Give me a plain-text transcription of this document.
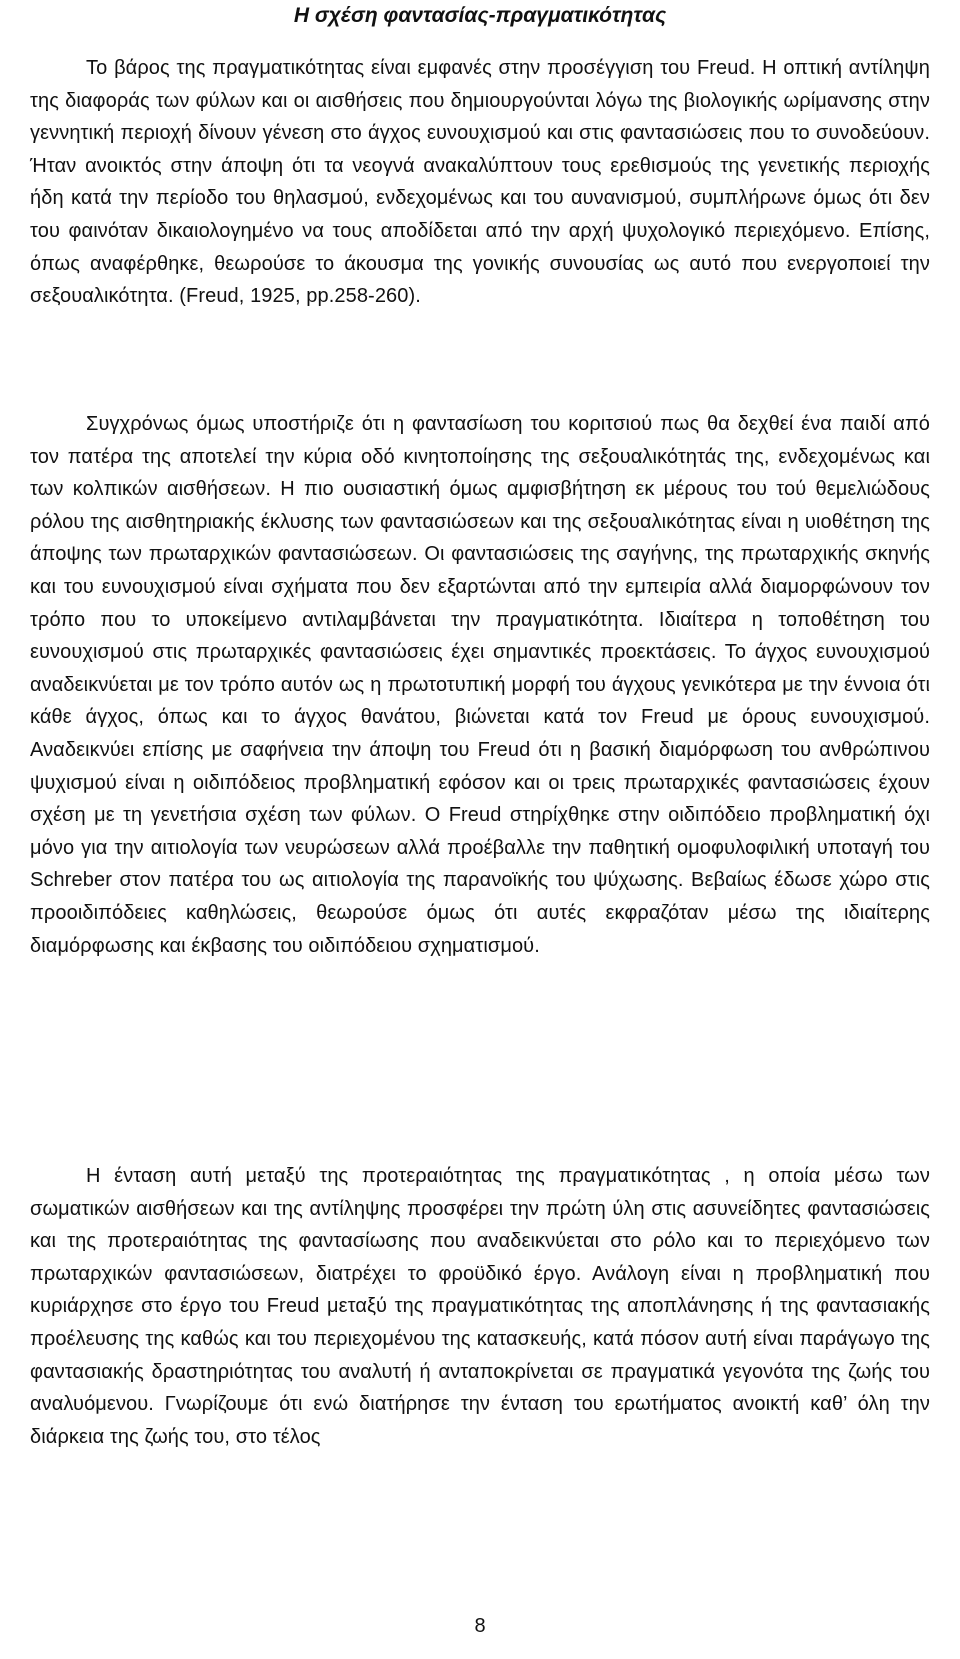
Η σχέση φαντασίας-πραγματικότητας

Το βάρος της πραγματικότητας είναι εμφανές στην προσέγγιση του Freud. Η οπτική αντίληψη της διαφοράς των φύλων και οι αισθήσεις που δημιουργούνται λόγω της βιολογικής ωρίμανσης στην γεννητική περιοχή δίνουν γένεση στο άγχος ευνουχισμού και στις φαντασιώσεις που το συνοδεύουν. Ήταν ανοικτός στην άποψη ότι τα νεογνά ανακαλύπτουν τους ερεθισμούς της γενετικής περιοχής ήδη κατά την περίοδο του θηλασμού, ενδεχομένως και του αυνανισμού, συμπλήρωνε όμως ότι δεν του φαινόταν δικαιολογημένο να τους αποδίδεται από την αρχή ψυχολογικό περιεχόμενο. Επίσης, όπως αναφέρθηκε, θεωρούσε το άκουσμα της γονικής συνουσίας ως αυτό που ενεργοποιεί την σεξουαλικότητα. (Freud, 1925, pp.258-260).

Συγχρόνως όμως υποστήριζε ότι η φαντασίωση του κοριτσιού πως θα δεχθεί ένα παιδί από τον πατέρα της αποτελεί την κύρια οδό κινητοποίησης της σεξουαλικότητάς της, ενδεχομένως και των κολπικών αισθήσεων. Η πιο ουσιαστική όμως αμφισβήτηση εκ μέρους του τού θεμελιώδους ρόλου της αισθητηριακής έκλυσης των φαντασιώσεων και της σεξουαλικότητας είναι η υιοθέτηση της άποψης των πρωταρχικών φαντασιώσεων. Οι φαντασιώσεις της σαγήνης, της πρωταρχικής σκηνής και του ευνουχισμού είναι σχήματα που δεν εξαρτώνται από την εμπειρία αλλά διαμορφώνουν τον τρόπο που το υποκείμενο αντιλαμβάνεται την πραγματικότητα. Ιδιαίτερα η τοποθέτηση του ευνουχισμού στις πρωταρχικές φαντασιώσεις έχει σημαντικές προεκτάσεις. Το άγχος ευνουχισμού αναδεικνύεται με τον τρόπο αυτόν ως η πρωτοτυπική μορφή του άγχους γενικότερα με την έννοια ότι κάθε άγχος, όπως και το άγχος θανάτου, βιώνεται κατά τον Freud με όρους ευνουχισμού. Αναδεικνύει επίσης με σαφήνεια την άποψη του Freud ότι η βασική διαμόρφωση του ανθρώπινου ψυχισμού είναι η οιδιπόδειος προβληματική εφόσον και οι τρεις πρωταρχικές φαντασιώσεις έχουν σχέση με τη γενετήσια σχέση των φύλων. Ο Freud στηρίχθηκε στην οιδιπόδειο προβληματική όχι μόνο για την αιτιολογία των νευρώσεων αλλά προέβαλλε την παθητική ομοφυλοφιλική υποταγή του Schreber στον πατέρα του ως αιτιολογία της παρανοϊκής του ψύχωσης. Βεβαίως έδωσε χώρο στις προοιδιπόδειες καθηλώσεις, θεωρούσε όμως ότι αυτές εκφραζόταν μέσω της ιδιαίτερης διαμόρφωσης και έκβασης του οιδιπόδειου σχηματισμού.

Η ένταση αυτή μεταξύ της προτεραιότητας της πραγματικότητας , η οποία μέσω των σωματικών αισθήσεων και της αντίληψης προσφέρει την πρώτη ύλη στις ασυνείδητες φαντασιώσεις και της προτεραιότητας της φαντασίωσης που αναδεικνύεται στο ρόλο και το περιεχόμενο των πρωταρχικών φαντασιώσεων, διατρέχει το φροϋδικό έργο. Ανάλογη είναι η προβληματική που κυριάρχησε στο έργο του Freud μεταξύ της πραγματικότητας της αποπλάνησης ή της φαντασιακής προέλευσης της καθώς και του περιεχομένου της κατασκευής, κατά πόσον αυτή είναι παράγωγο της φαντασιακής δραστηριότητας του αναλυτή ή ανταποκρίνεται σε πραγματικά γεγονότα της ζωής του αναλυόμενου. Γνωρίζουμε ότι ενώ διατήρησε την ένταση του ερωτήματος ανοικτή καθ’ όλη την διάρκεια της ζωής του, στο τέλος

8
